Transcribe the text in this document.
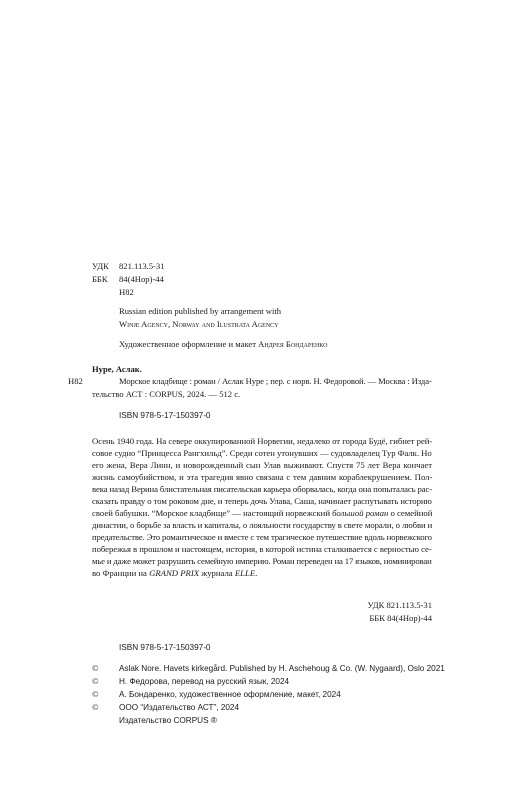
УДК 821.113.5-31
ББК 84(4Нор)-44
Н82
Russian edition published by arrangement with
Winje Agency, Norway and Ilustrata Agency
Художественное оформление и макет Андрея Бондаренко
Нуре, Аслак.
Н82	Морское кладбище : роман / Аслак Нуре ; пер. с норв. Н. Федоровой. — Москва : Изда-
тельство АСТ : CORPUS, 2024. — 512 с.
ISBN 978-5-17-150397-0
Осень 1940 года. На севере оккупированной Норвегии, недалеко от города Будё, гибнет рей-
совое судно “Принцесса Рангхильд”. Среди сотен утонувших — судовладелец Тур Фалк. Но
его жена, Вера Линн, и новорожденный сын Улав выживают. Спустя 75 лет Вера кончает
жизнь самоубийством, и эта трагедия явно связана с тем давним кораблекрушением. Пол-
века назад Верина блистательная писательская карьера оборвалась, когда она попыталась рас-
сказать правду о том роковом дне, и теперь дочь Улава, Саша, начинает распутывать историю
своей бабушки. “Морское кладбище” — настоящий норвежский большой роман о семейной
династии, о борьбе за власть и капиталы, о лояльности государству в свете морали, о любви и
предательстве. Это романтическое и вместе с тем трагическое путешествие вдоль норвежского
побережья в прошлом и настоящем, история, в которой истина сталкивается с верностью се-
мье и даже может разрушить семейную империю. Роман переведен на 17 языков, номинирован
во Франции на GRAND PRIX журнала ELLE.
УДК 821.113.5-31
ББК 84(4Нор)-44
ISBN 978-5-17-150397-0
© Aslak Nore. Havets kirkegård. Published by H. Aschehoug & Co. (W. Nygaard), Oslo 2021
© Н. Федорова, перевод на русский язык, 2024
© А. Бондаренко, художественное оформление, макет, 2024
© ООО “Издательство АСТ”, 2024
Издательство CORPUS ®
